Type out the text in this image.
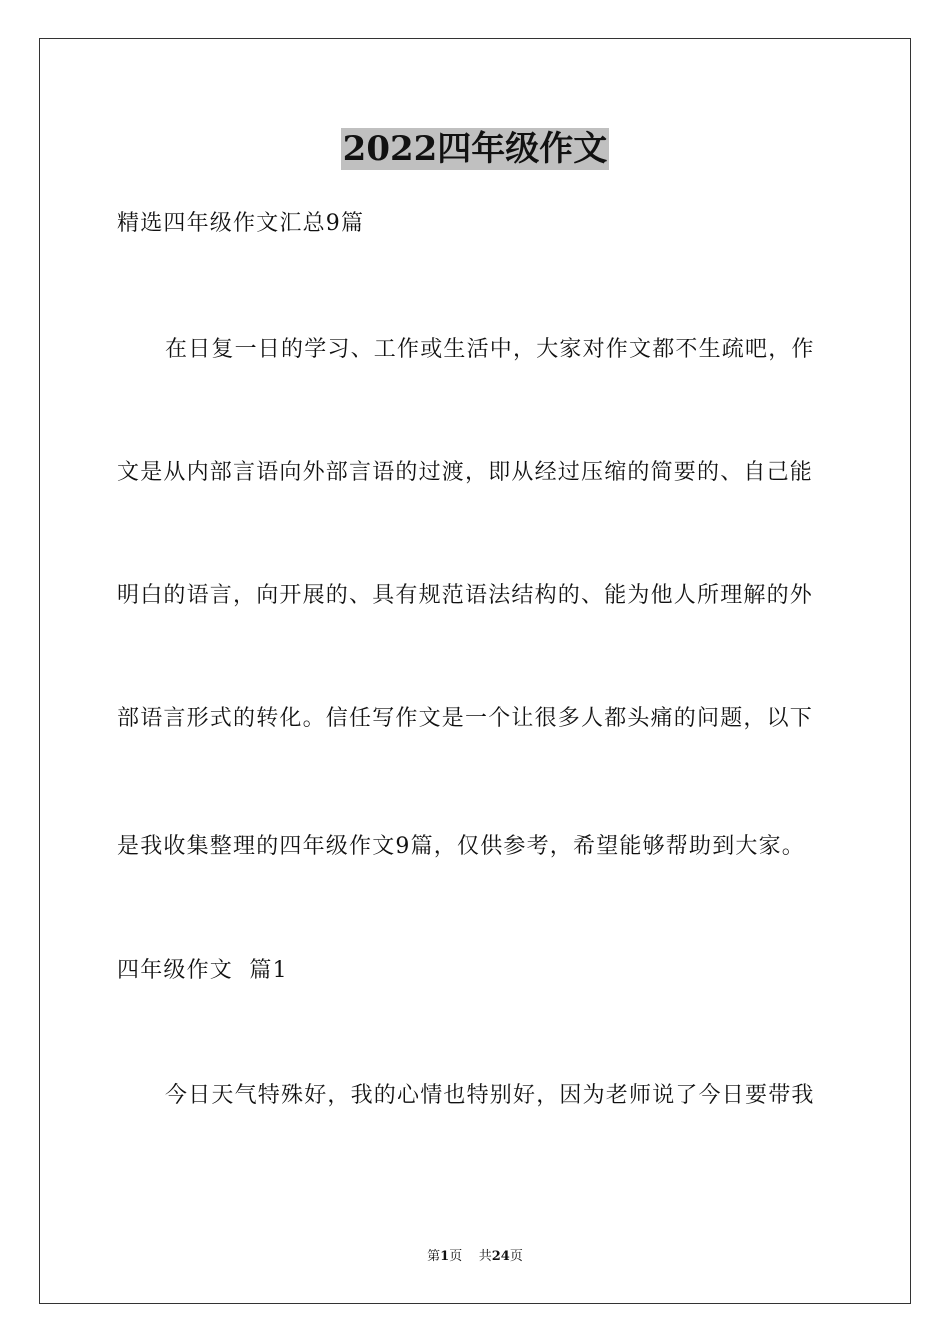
2022四年级作文
精选四年级作文汇总9篇
在日复一日的学习、工作或生活中，大家对作文都不生疏吧，作
文是从内部言语向外部言语的过渡，即从经过压缩的简要的、自己能
明白的语言，向开展的、具有规范语法结构的、能为他人所理解的外
部语言形式的转化。信任写作文是一个让很多人都头痛的问题，以下
是我收集整理的四年级作文9篇，仅供参考，希望能够帮助到大家。
四年级作文  篇1
今日天气特殊好，我的心情也特别好，因为老师说了今日要带我
第1页 共24页
